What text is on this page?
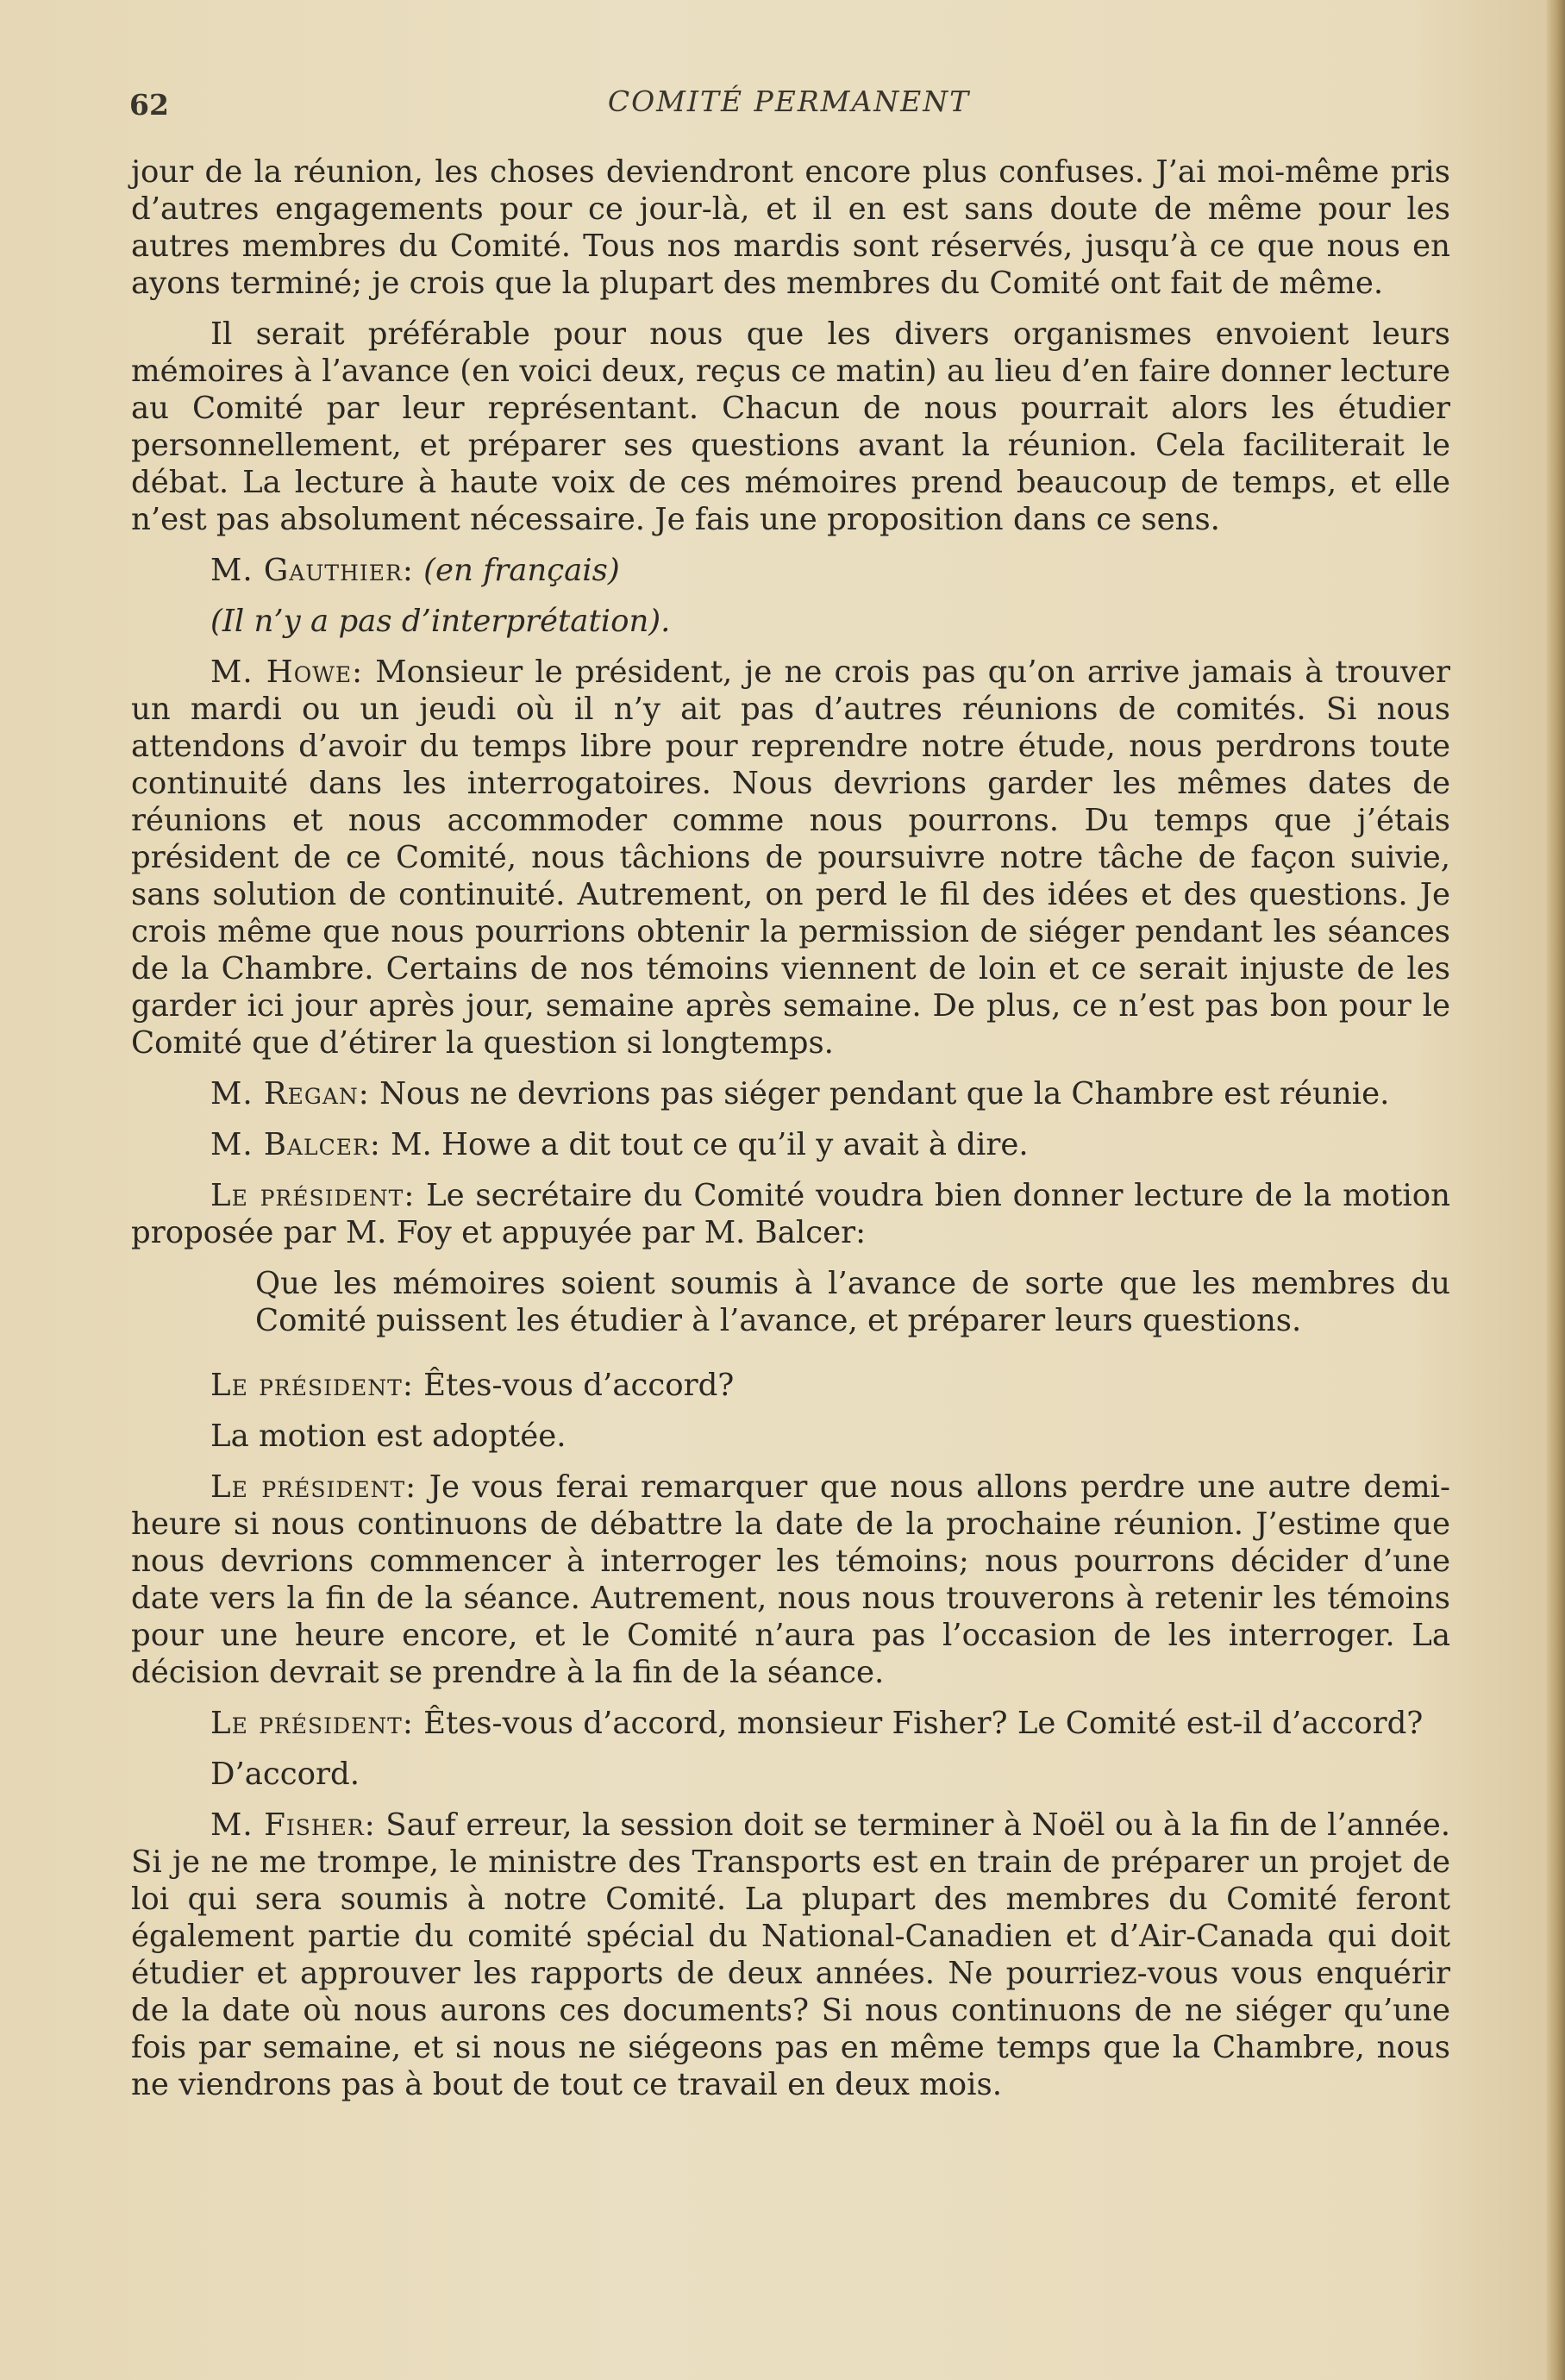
62	COMITÉ PERMANENT

jour de la réunion, les choses deviendront encore plus confuses. J’ai moi-même pris d’autres engagements pour ce jour-là, et il en est sans doute de même pour les autres membres du Comité. Tous nos mardis sont réservés, jusqu’à ce que nous en ayons terminé; je crois que la plupart des membres du Comité ont fait de même.

Il serait préférable pour nous que les divers organismes envoient leurs mémoires à l’avance (en voici deux, reçus ce matin) au lieu d’en faire donner lecture au Comité par leur représentant. Chacun de nous pourrait alors les étudier personnellement, et préparer ses questions avant la réunion. Cela faciliterait le débat. La lecture à haute voix de ces mémoires prend beaucoup de temps, et elle n’est pas absolument nécessaire. Je fais une proposition dans ce sens.

M. Gauthier: (en français)

(Il n’y a pas d’interprétation).

M. Howe: Monsieur le président, je ne crois pas qu’on arrive jamais à trouver un mardi ou un jeudi où il n’y ait pas d’autres réunions de comités. Si nous attendons d’avoir du temps libre pour reprendre notre étude, nous perdrons toute continuité dans les interrogatoires. Nous devrions garder les mêmes dates de réunions et nous accommoder comme nous pourrons. Du temps que j’étais président de ce Comité, nous tâchions de poursuivre notre tâche de façon suivie, sans solution de continuité. Autrement, on perd le fil des idées et des questions. Je crois même que nous pourrions obtenir la permission de siéger pendant les séances de la Chambre. Certains de nos témoins viennent de loin et ce serait injuste de les garder ici jour après jour, semaine après semaine. De plus, ce n’est pas bon pour le Comité que d’étirer la question si longtemps.

M. Regan: Nous ne devrions pas siéger pendant que la Chambre est réunie.

M. Balcer: M. Howe a dit tout ce qu’il y avait à dire.

Le président: Le secrétaire du Comité voudra bien donner lecture de la motion proposée par M. Foy et appuyée par M. Balcer:

Que les mémoires soient soumis à l’avance de sorte que les membres du Comité puissent les étudier à l’avance, et préparer leurs questions.

Le président: Êtes-vous d’accord?

La motion est adoptée.

Le président: Je vous ferai remarquer que nous allons perdre une autre demi-heure si nous continuons de débattre la date de la prochaine réunion. J’estime que nous devrions commencer à interroger les témoins; nous pourrons décider d’une date vers la fin de la séance. Autrement, nous nous trouverons à retenir les témoins pour une heure encore, et le Comité n’aura pas l’occasion de les interroger. La décision devrait se prendre à la fin de la séance.

Le président: Êtes-vous d’accord, monsieur Fisher? Le Comité est-il d’accord?

D’accord.

M. Fisher: Sauf erreur, la session doit se terminer à Noël ou à la fin de l’année. Si je ne me trompe, le ministre des Transports est en train de préparer un projet de loi qui sera soumis à notre Comité. La plupart des membres du Comité feront également partie du comité spécial du National-Canadien et d’Air-Canada qui doit étudier et approuver les rapports de deux années. Ne pourriez-vous vous enquérir de la date où nous aurons ces documents? Si nous continuons de ne siéger qu’une fois par semaine, et si nous ne siégeons pas en même temps que la Chambre, nous ne viendrons pas à bout de tout ce travail en deux mois.
